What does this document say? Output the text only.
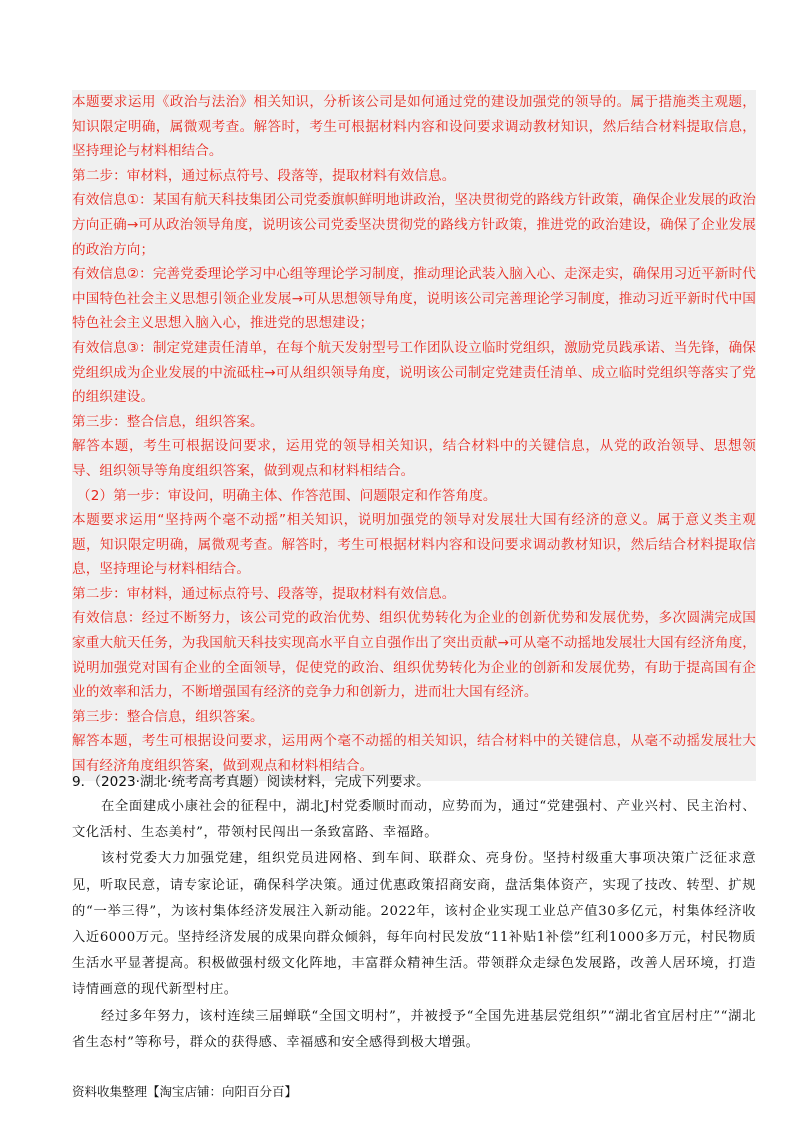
本题要求运用《政治与法治》相关知识，分析该公司是如何通过党的建设加强党的领导的。属于措施类主观题，知识限定明确，属微观考查。解答时，考生可根据材料内容和设问要求调动教材知识，然后结合材料提取信息，坚持理论与材料相结合。

第二步：审材料，通过标点符号、段落等，提取材料有效信息。

有效信息①：某国有航天科技集团公司党委旗帜鲜明地讲政治，坚决贯彻党的路线方针政策，确保企业发展的政治方向正确→可从政治领导角度，说明该公司党委坚决贯彻党的路线方针政策，推进党的政治建设，确保了企业发展的政治方向；

有效信息②：完善党委理论学习中心组等理论学习制度，推动理论武装入脑入心、走深走实，确保用习近平新时代中国特色社会主义思想引领企业发展→可从思想领导角度，说明该公司完善理论学习制度，推动习近平新时代中国特色社会主义思想入脑入心，推进党的思想建设；

有效信息③：制定党建责任清单，在每个航天发射型号工作团队设立临时党组织，激励党员践承诺、当先锋，确保党组织成为企业发展的中流砥柱→可从组织领导角度，说明该公司制定党建责任清单、成立临时党组织等落实了党的组织建设。

第三步：整合信息，组织答案。

解答本题，考生可根据设问要求，运用党的领导相关知识，结合材料中的关键信息，从党的政治领导、思想领导、组织领导等角度组织答案，做到观点和材料相结合。

（2）第一步：审设问，明确主体、作答范围、问题限定和作答角度。

本题要求运用“坚持两个毫不动摇”相关知识，说明加强党的领导对发展壮大国有经济的意义。属于意义类主观题，知识限定明确，属微观考查。解答时，考生可根据材料内容和设问要求调动教材知识，然后结合材料提取信息，坚持理论与材料相结合。

第二步：审材料，通过标点符号、段落等，提取材料有效信息。

有效信息：经过不断努力，该公司党的政治优势、组织优势转化为企业的创新优势和发展优势，多次圆满完成国家重大航天任务，为我国航天科技实现高水平自立自强作出了突出贡献→可从毫不动摇地发展壮大国有经济角度，说明加强党对国有企业的全面领导，促使党的政治、组织优势转化为企业的创新和发展优势，有助于提高国有企业的效率和活力，不断增强国有经济的竞争力和创新力，进而壮大国有经济。

第三步：整合信息，组织答案。

解答本题，考生可根据设问要求，运用两个毫不动摇的相关知识，结合材料中的关键信息，从毫不动摇发展壮大国有经济角度组织答案，做到观点和材料相结合。

9．（2023·湖北·统考高考真题）阅读材料，完成下列要求。

在全面建成小康社会的征程中，湖北J村党委顺时而动，应势而为，通过“党建强村、产业兴村、民主治村、文化活村、生态美村”，带领村民闯出一条致富路、幸福路。

该村党委大力加强党建，组织党员进网格、到车间、联群众、亮身份。坚持村级重大事项决策广泛征求意见，听取民意，请专家论证，确保科学决策。通过优惠政策招商安商，盘活集体资产，实现了技改、转型、扩规的“一举三得”，为该村集体经济发展注入新动能。2022年，该村企业实现工业总产值30多亿元，村集体经济收入近6000万元。坚持经济发展的成果向群众倾斜，每年向村民发放“11补贴1补偿”红利1000多万元，村民物质生活水平显著提高。积极做强村级文化阵地，丰富群众精神生活。带领群众走绿色发展路，改善人居环境，打造诗情画意的现代新型村庄。

经过多年努力，该村连续三届蝉联“全国文明村”，并被授予“全国先进基层党组织”“湖北省宜居村庄”“湖北省生态村”等称号，群众的获得感、幸福感和安全感得到极大增强。

资料收集整理【淘宝店铺：向阳百分百】
